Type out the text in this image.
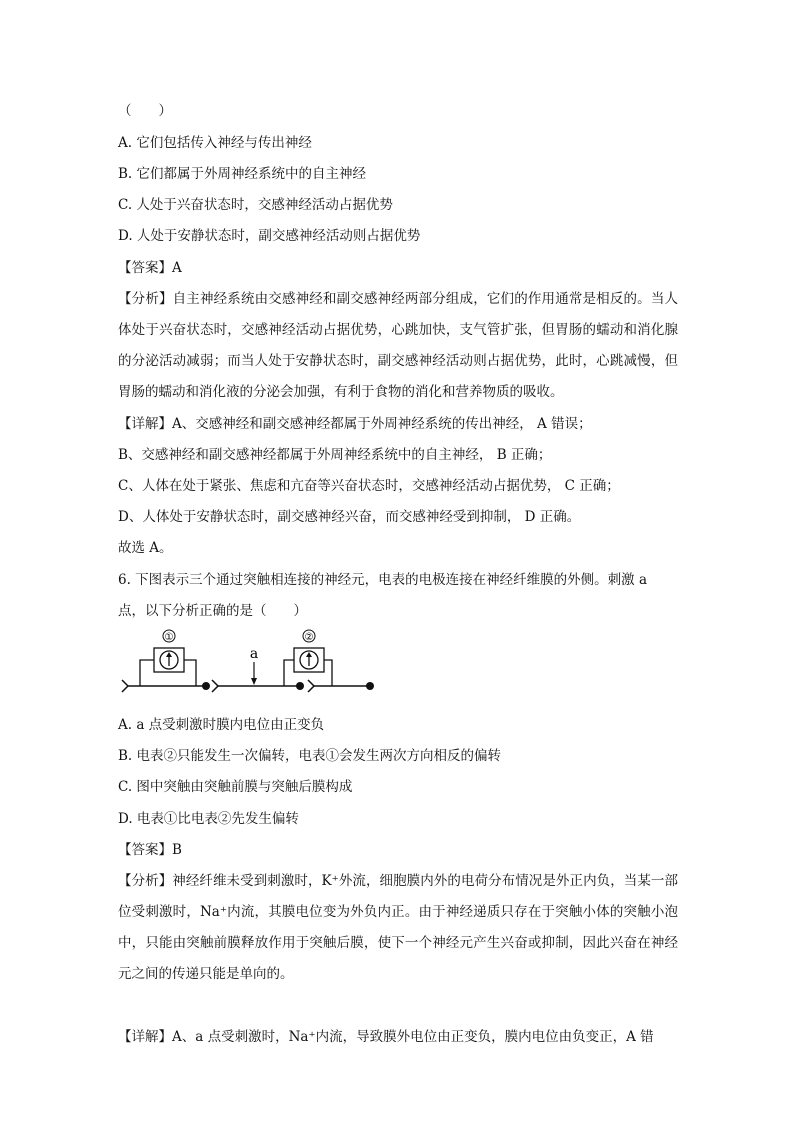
（　　）
A. 它们包括传入神经与传出神经
B. 它们都属于外周神经系统中的自主神经
C. 人处于兴奋状态时，交感神经活动占据优势
D. 人处于安静状态时，副交感神经活动则占据优势
【答案】A
【分析】自主神经系统由交感神经和副交感神经两部分组成，它们的作用通常是相反的。当人体处于兴奋状态时，交感神经活动占据优势，心跳加快，支气管扩张，但胃肠的蠕动和消化腺的分泌活动减弱；而当人处于安静状态时，副交感神经活动则占据优势，此时，心跳减慢，但胃肠的蠕动和消化液的分泌会加强，有利于食物的消化和营养物质的吸收。
【详解】A、交感神经和副交感神经都属于外周神经系统的传出神经， A 错误；
B、交感神经和副交感神经都属于外周神经系统中的自主神经， B 正确；
C、人体在处于紧张、焦虑和亢奋等兴奋状态时，交感神经活动占据优势， C 正确；
D、人体处于安静状态时，副交感神经兴奋，而交感神经受到抑制， D 正确。
故选 A。
6. 下图表示三个通过突触相连接的神经元，电表的电极连接在神经纤维膜的外侧。刺激 a
点，以下分析正确的是（　　）
①
a
②
A. a 点受刺激时膜内电位由正变负
B. 电表②只能发生一次偏转，电表①会发生两次方向相反的偏转
C. 图中突触由突触前膜与突触后膜构成
D. 电表①比电表②先发生偏转
【答案】B
【分析】神经纤维未受到刺激时，K⁺外流，细胞膜内外的电荷分布情况是外正内负，当某一部位受刺激时，Na⁺内流，其膜电位变为外负内正。由于神经递质只存在于突触小体的突触小泡中，只能由突触前膜释放作用于突触后膜，使下一个神经元产生兴奋或抑制，因此兴奋在神经元之间的传递只能是单向的。
【详解】A、a 点受刺激时，Na⁺内流，导致膜外电位由正变负，膜内电位由负变正，A 错
